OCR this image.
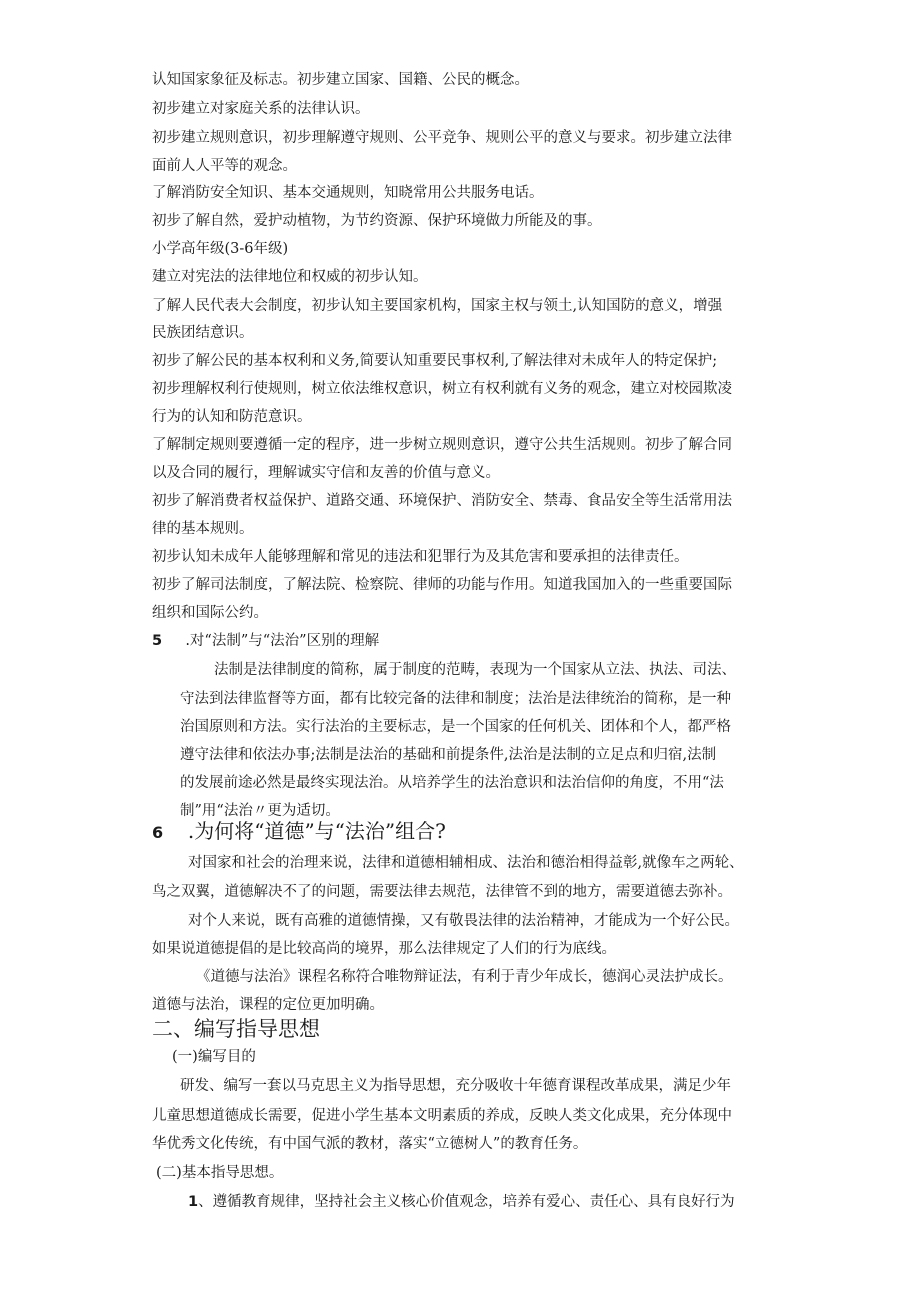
认知国家象征及标志。初步建立国家、国籍、公民的概念。
初步建立对家庭关系的法律认识。
初步建立规则意识，初步理解遵守规则、公平竞争、规则公平的意义与要求。初步建立法律
面前人人平等的观念。
了解消防安全知识、基本交通规则，知晓常用公共服务电话。
初步了解自然，爱护动植物，为节约资源、保护环境做力所能及的事。
小学高年级(3-6年级)
建立对宪法的法律地位和权威的初步认知。
了解人民代表大会制度，初步认知主要国家机构，国家主权与领土,认知国防的意义，增强
民族团结意识。
初步了解公民的基本权利和义务,简要认知重要民事权利,了解法律对未成年人的特定保护;
初步理解权利行使规则，树立依法维权意识，树立有权利就有义务的观念，建立对校园欺凌
行为的认知和防范意识。
了解制定规则要遵循一定的程序，进一步树立规则意识，遵守公共生活规则。初步了解合同
以及合同的履行，理解诚实守信和友善的价值与意义。
初步了解消费者权益保护、道路交通、环境保护、消防安全、禁毒、食品安全等生活常用法
律的基本规则。
初步认知未成年人能够理解和常见的违法和犯罪行为及其危害和要承担的法律责任。
初步了解司法制度，了解法院、检察院、律师的功能与作用。知道我国加入的一些重要国际
组织和国际公约。
5 .对“法制”与“法治”区别的理解
法制是法律制度的简称，属于制度的范畴，表现为一个国家从立法、执法、司法、
守法到法律监督等方面，都有比较完备的法律和制度；法治是法律统治的简称，是一种
治国原则和方法。实行法治的主要标志，是一个国家的任何机关、团体和个人，都严格
遵守法律和依法办事;法制是法治的基础和前提条件,法治是法制的立足点和归宿,法制
的发展前途必然是最终实现法治。从培养学生的法治意识和法治信仰的角度，不用“法
制”用“法治〃更为适切。
6 .为何将“道德”与“法治”组合?
对国家和社会的治理来说，法律和道德相辅相成、法治和德治相得益彰,就像车之两轮、
鸟之双翼，道德解决不了的问题，需要法律去规范，法律管不到的地方，需要道德去弥补。
对个人来说，既有高雅的道德情操，又有敬畏法律的法治精神，才能成为一个好公民。
如果说道德提倡的是比较高尚的境界，那么法律规定了人们的行为底线。
《道德与法治》课程名称符合唯物辩证法，有利于青少年成长，德润心灵法护成长。
道德与法治，课程的定位更加明确。
二、编写指导思想
(一)编写目的
研发、编写一套以马克思主义为指导思想，充分吸收十年德育课程改革成果，满足少年
儿童思想道德成长需要，促进小学生基本文明素质的养成，反映人类文化成果，充分体现中
华优秀文化传统，有中国气派的教材，落实“立德树人”的教育任务。
(二)基本指导思想。
1、遵循教育规律，坚持社会主义核心价值观念，培养有爱心、责任心、具有良好行为
